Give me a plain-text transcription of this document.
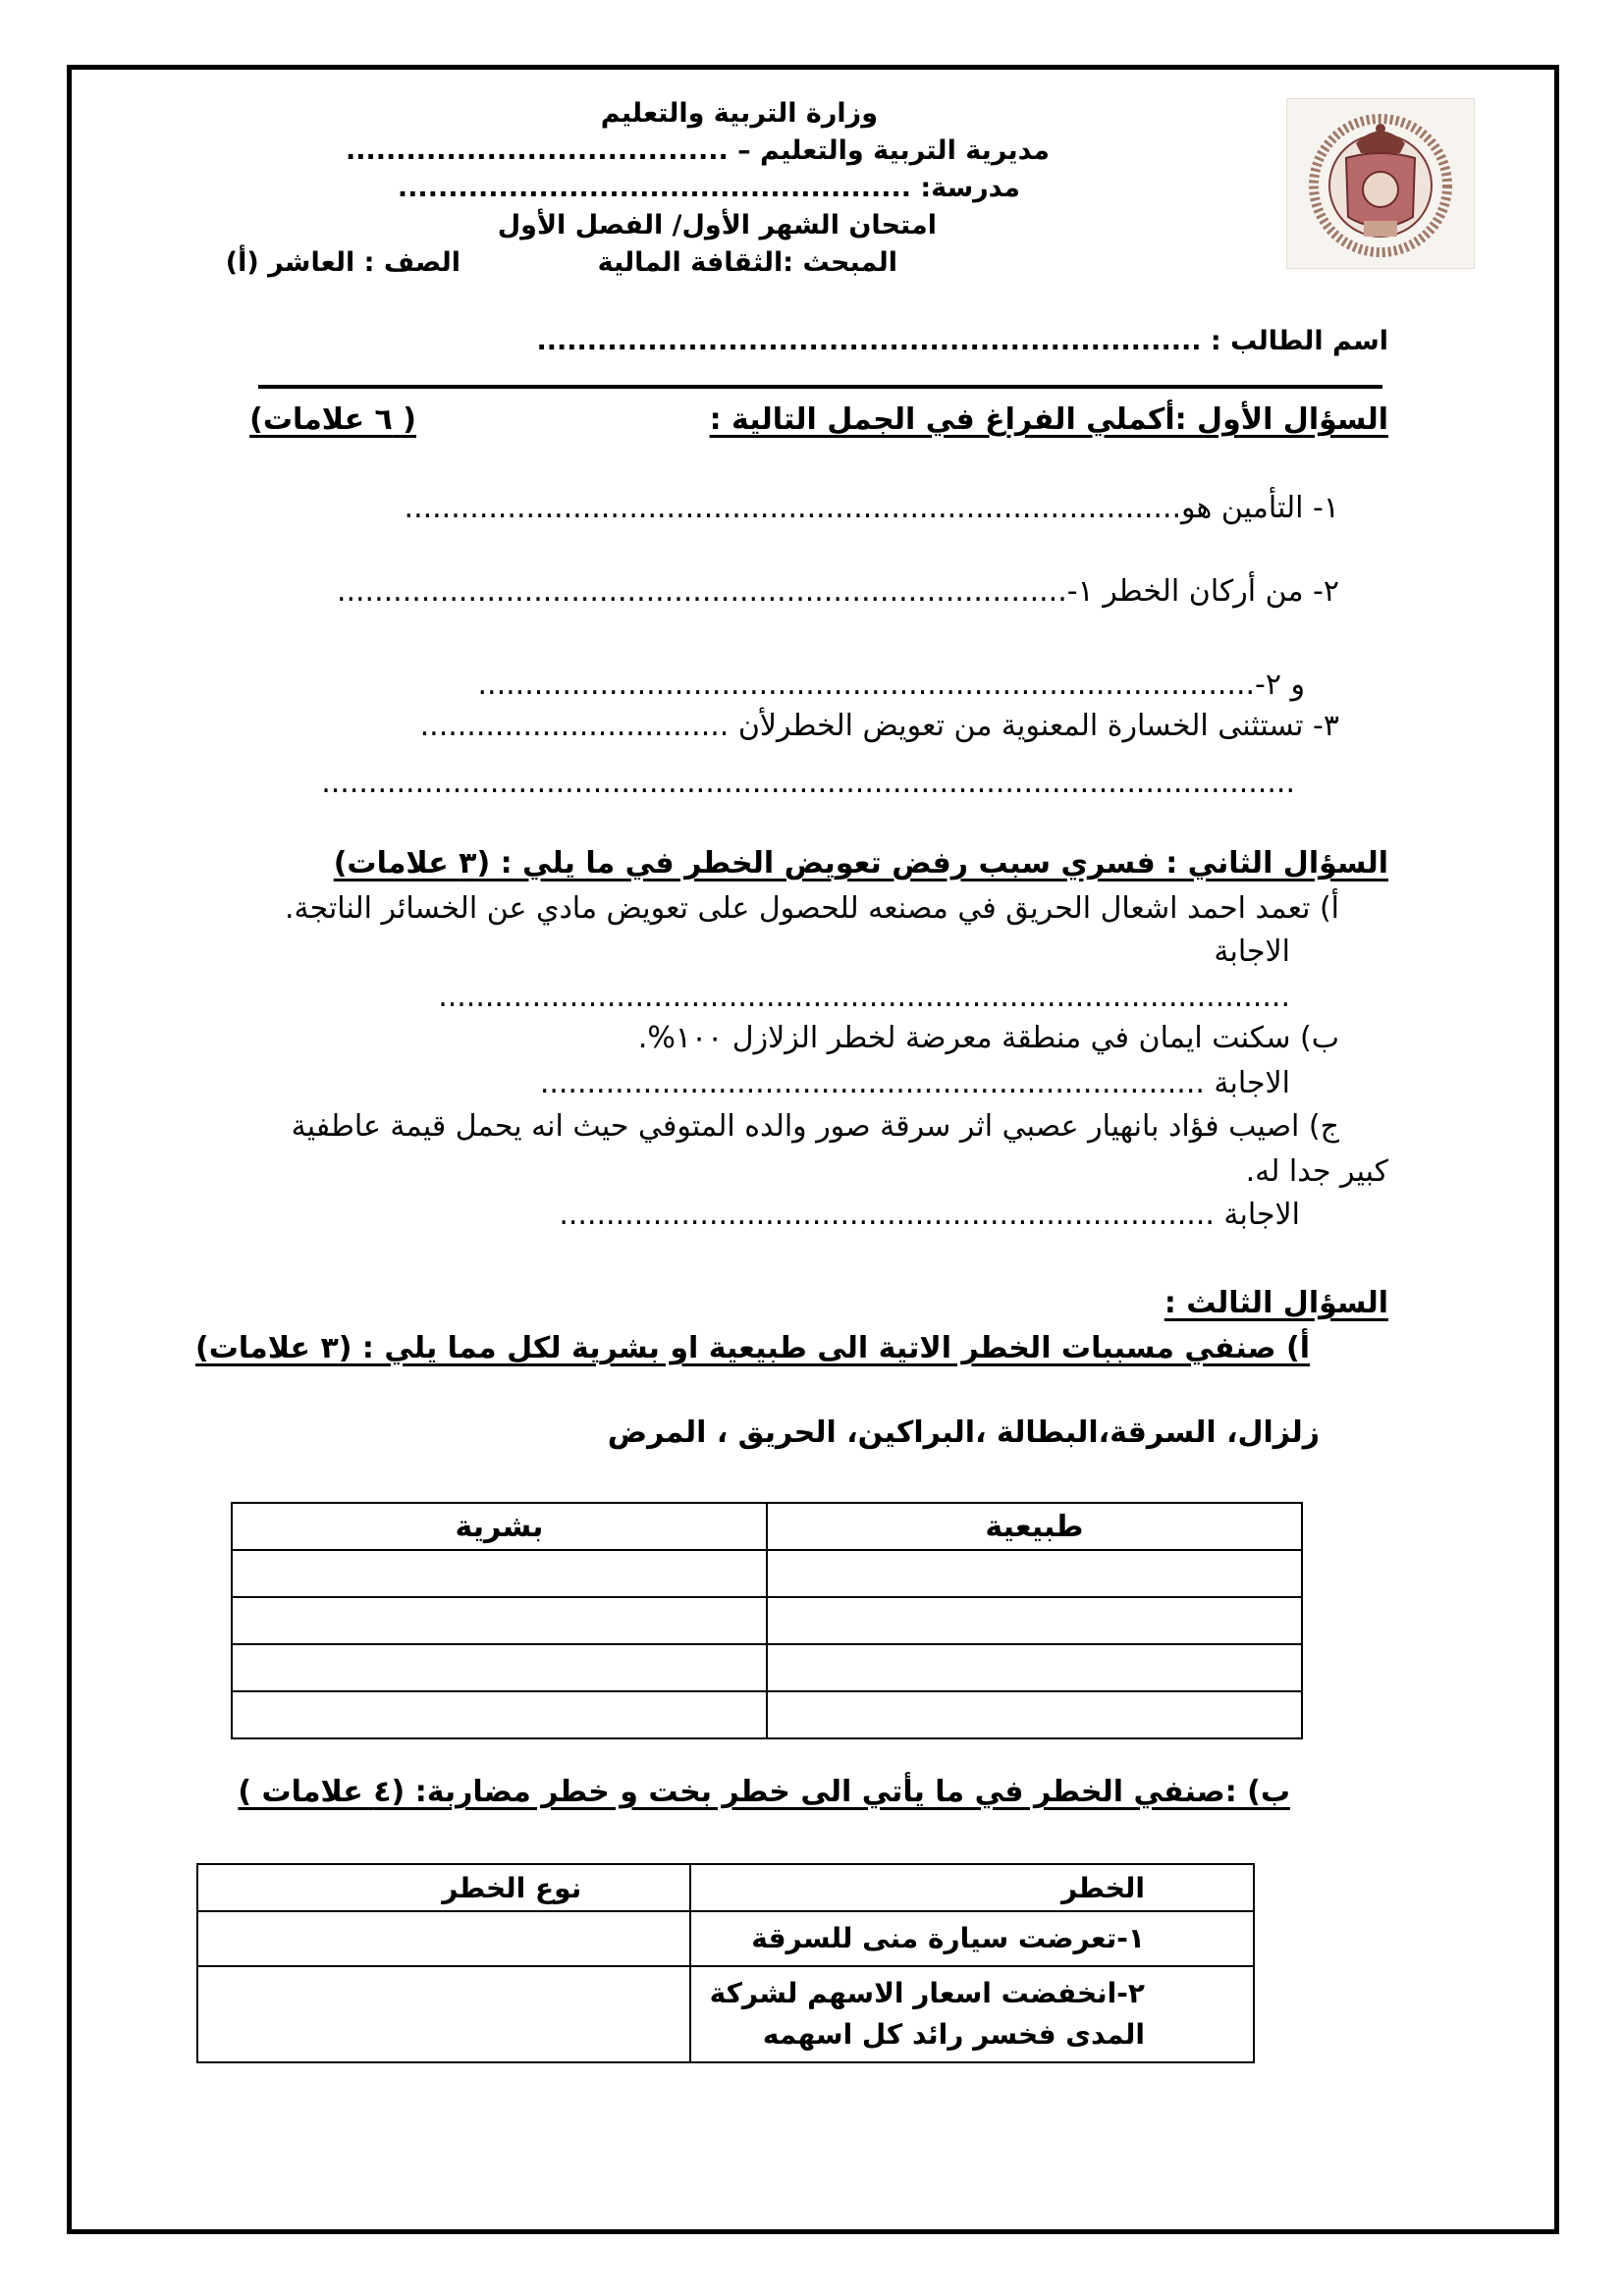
وزارة التربية والتعليم
مديرية التربية والتعليم – ......................................
مدرسة: ...................................................
امتحان الشهر الأول/ الفصل الأول
المبحث :الثقافة المالية
الصف : العاشر (أ)
اسم الطالب : ..................................................................
السؤال الأول :أكملي الفراغ في الجمل التالية :
( ٦ علامات)
١- التأمين هو...................................................................................
٢- من أركان الخطر ١-..............................................................................
و ٢-...................................................................................
٣- تستثنى الخسارة المعنوية من تعويض الخطرلأن .................................
........................................................................................................
السؤال الثاني : فسري سبب رفض تعويض الخطر في ما يلي : (٣ علامات)
أ) تعمد احمد اشعال الحريق في مصنعه للحصول على تعويض مادي عن الخسائر الناتجة.
الاجابة
...........................................................................................
ب) سكنت ايمان في منطقة معرضة لخطر الزلازل ١٠٠%.
الاجابة .......................................................................
ج) اصيب فؤاد بانهيار عصبي اثر سرقة صور والده المتوفي حيث انه يحمل قيمة عاطفية
كبير جدا له.
الاجابة ......................................................................
السؤال الثالث :
أ) صنفي مسببات الخطر الاتية الى طبيعية او بشرية لكل مما يلي : (٣ علامات)
زلزال، السرقة،البطالة ،البراكين، الحريق ، المرض
طبيعية	بشرية

ب) :صنفي الخطر في ما يأتي الى خطر بخت و خطر مضاربة: (٤ علامات )
الخطر	نوع الخطر
١-تعرضت سيارة منى للسرقة	
٢-انخفضت اسعار الاسهم لشركة المدى فخسر رائد كل اسهمه	
